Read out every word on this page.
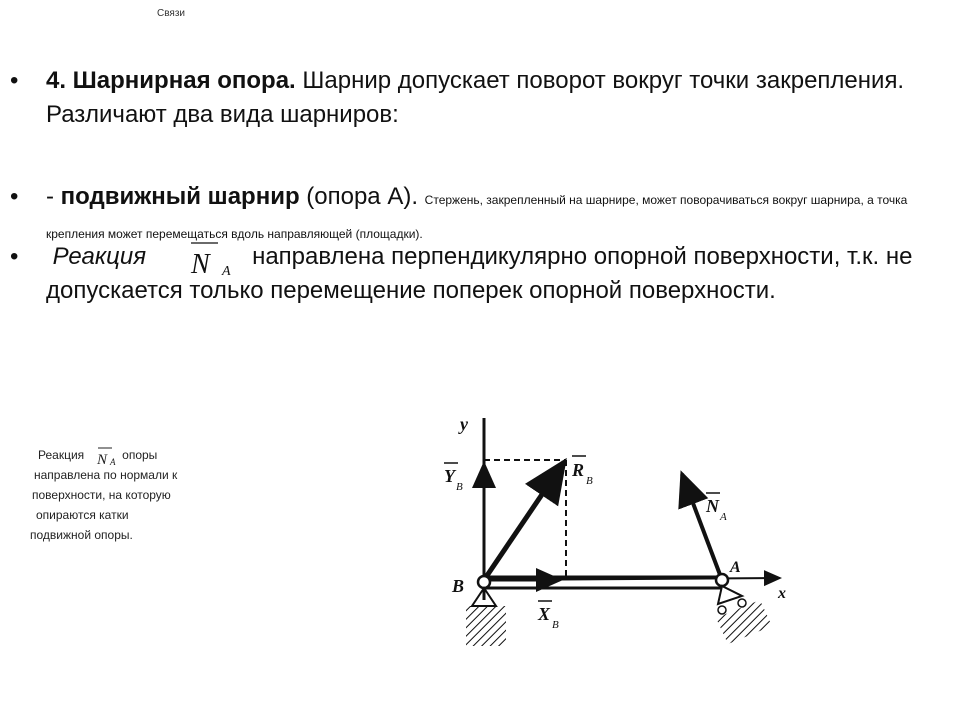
Связи
• 4. Шарнирная опора. Шарнир допускает поворот вокруг точки закрепления. Различают два вида шарниров:
• - подвижный шарнир (опора А). Стержень, закрепленный на шарнире, может поворачиваться вокруг шарнира, а точка крепления может перемещаться вдоль направляющей (площадки).
• Реакция	направлена перпендикулярно опорной поверхности, т.к. не допускается только перемещение поперек опорной поверхности.
N A
Реакция	опоры
направлена по нормали к
поверхности, на которую
опираются катки
подвижной опоры.
N A
y
x
Y
B
R
B
X
B
N
A
B
A
